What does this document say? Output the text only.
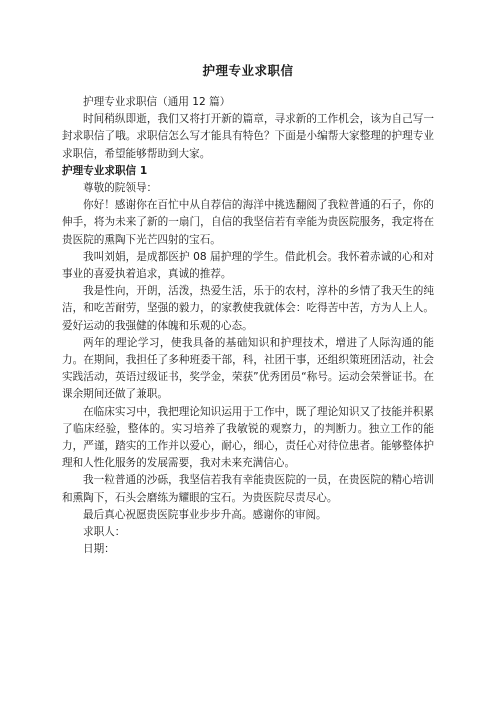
护理专业求职信

护理专业求职信（通用 12 篇）

时间稍纵即逝，我们又将打开新的篇章，寻求新的工作机会，该为自己写一封求职信了哦。求职信怎么写才能具有特色？下面是小编帮大家整理的护理专业求职信，希望能够帮助到大家。

护理专业求职信 1

尊敬的院领导：

你好！感谢你在百忙中从自荐信的海洋中挑选翻阅了我粒普通的石子，你的伸手，将为未来了新的一扇门，自信的我坚信若有幸能为贵医院服务，我定将在贵医院的熏陶下光芒四射的宝石。

我叫刘娟，是成都医护 08 届护理的学生。借此机会。我怀着赤诚的心和对事业的喜爱执着追求，真诚的推荐。

我是性向，开朗，活泼，热爱生活，乐于的农村，淳朴的乡情了我天生的纯洁，和吃苦耐劳，坚强的毅力，的家教使我就体会：吃得苦中苦，方为人上人。爱好运动的我强健的体魄和乐观的心态。

两年的理论学习，使我具备的基础知识和护理技术，增进了人际沟通的能力。在期间，我担任了多种班委干部，科，社团干事，还组织策班团活动，社会实践活动，英语过级证书，奖学金，荣获”优秀团员“称号。运动会荣誉证书。在课余期间还做了兼职。

在临床实习中，我把理论知识运用于工作中，既了理论知识又了技能并积累了临床经验，整体的。实习培养了我敏锐的观察力，的判断力。独立工作的能力，严谨，踏实的工作并以爱心，耐心，细心，责任心对待位患者。能够整体护理和人性化服务的发展需要，我对未来充满信心。

我一粒普通的沙砾，我坚信若我有幸能贵医院的一员，在贵医院的精心培训和熏陶下，石头会磨练为耀眼的宝石。为贵医院尽责尽心。

最后真心祝愿贵医院事业步步升高。感谢你的审阅。

求职人：

日期：
